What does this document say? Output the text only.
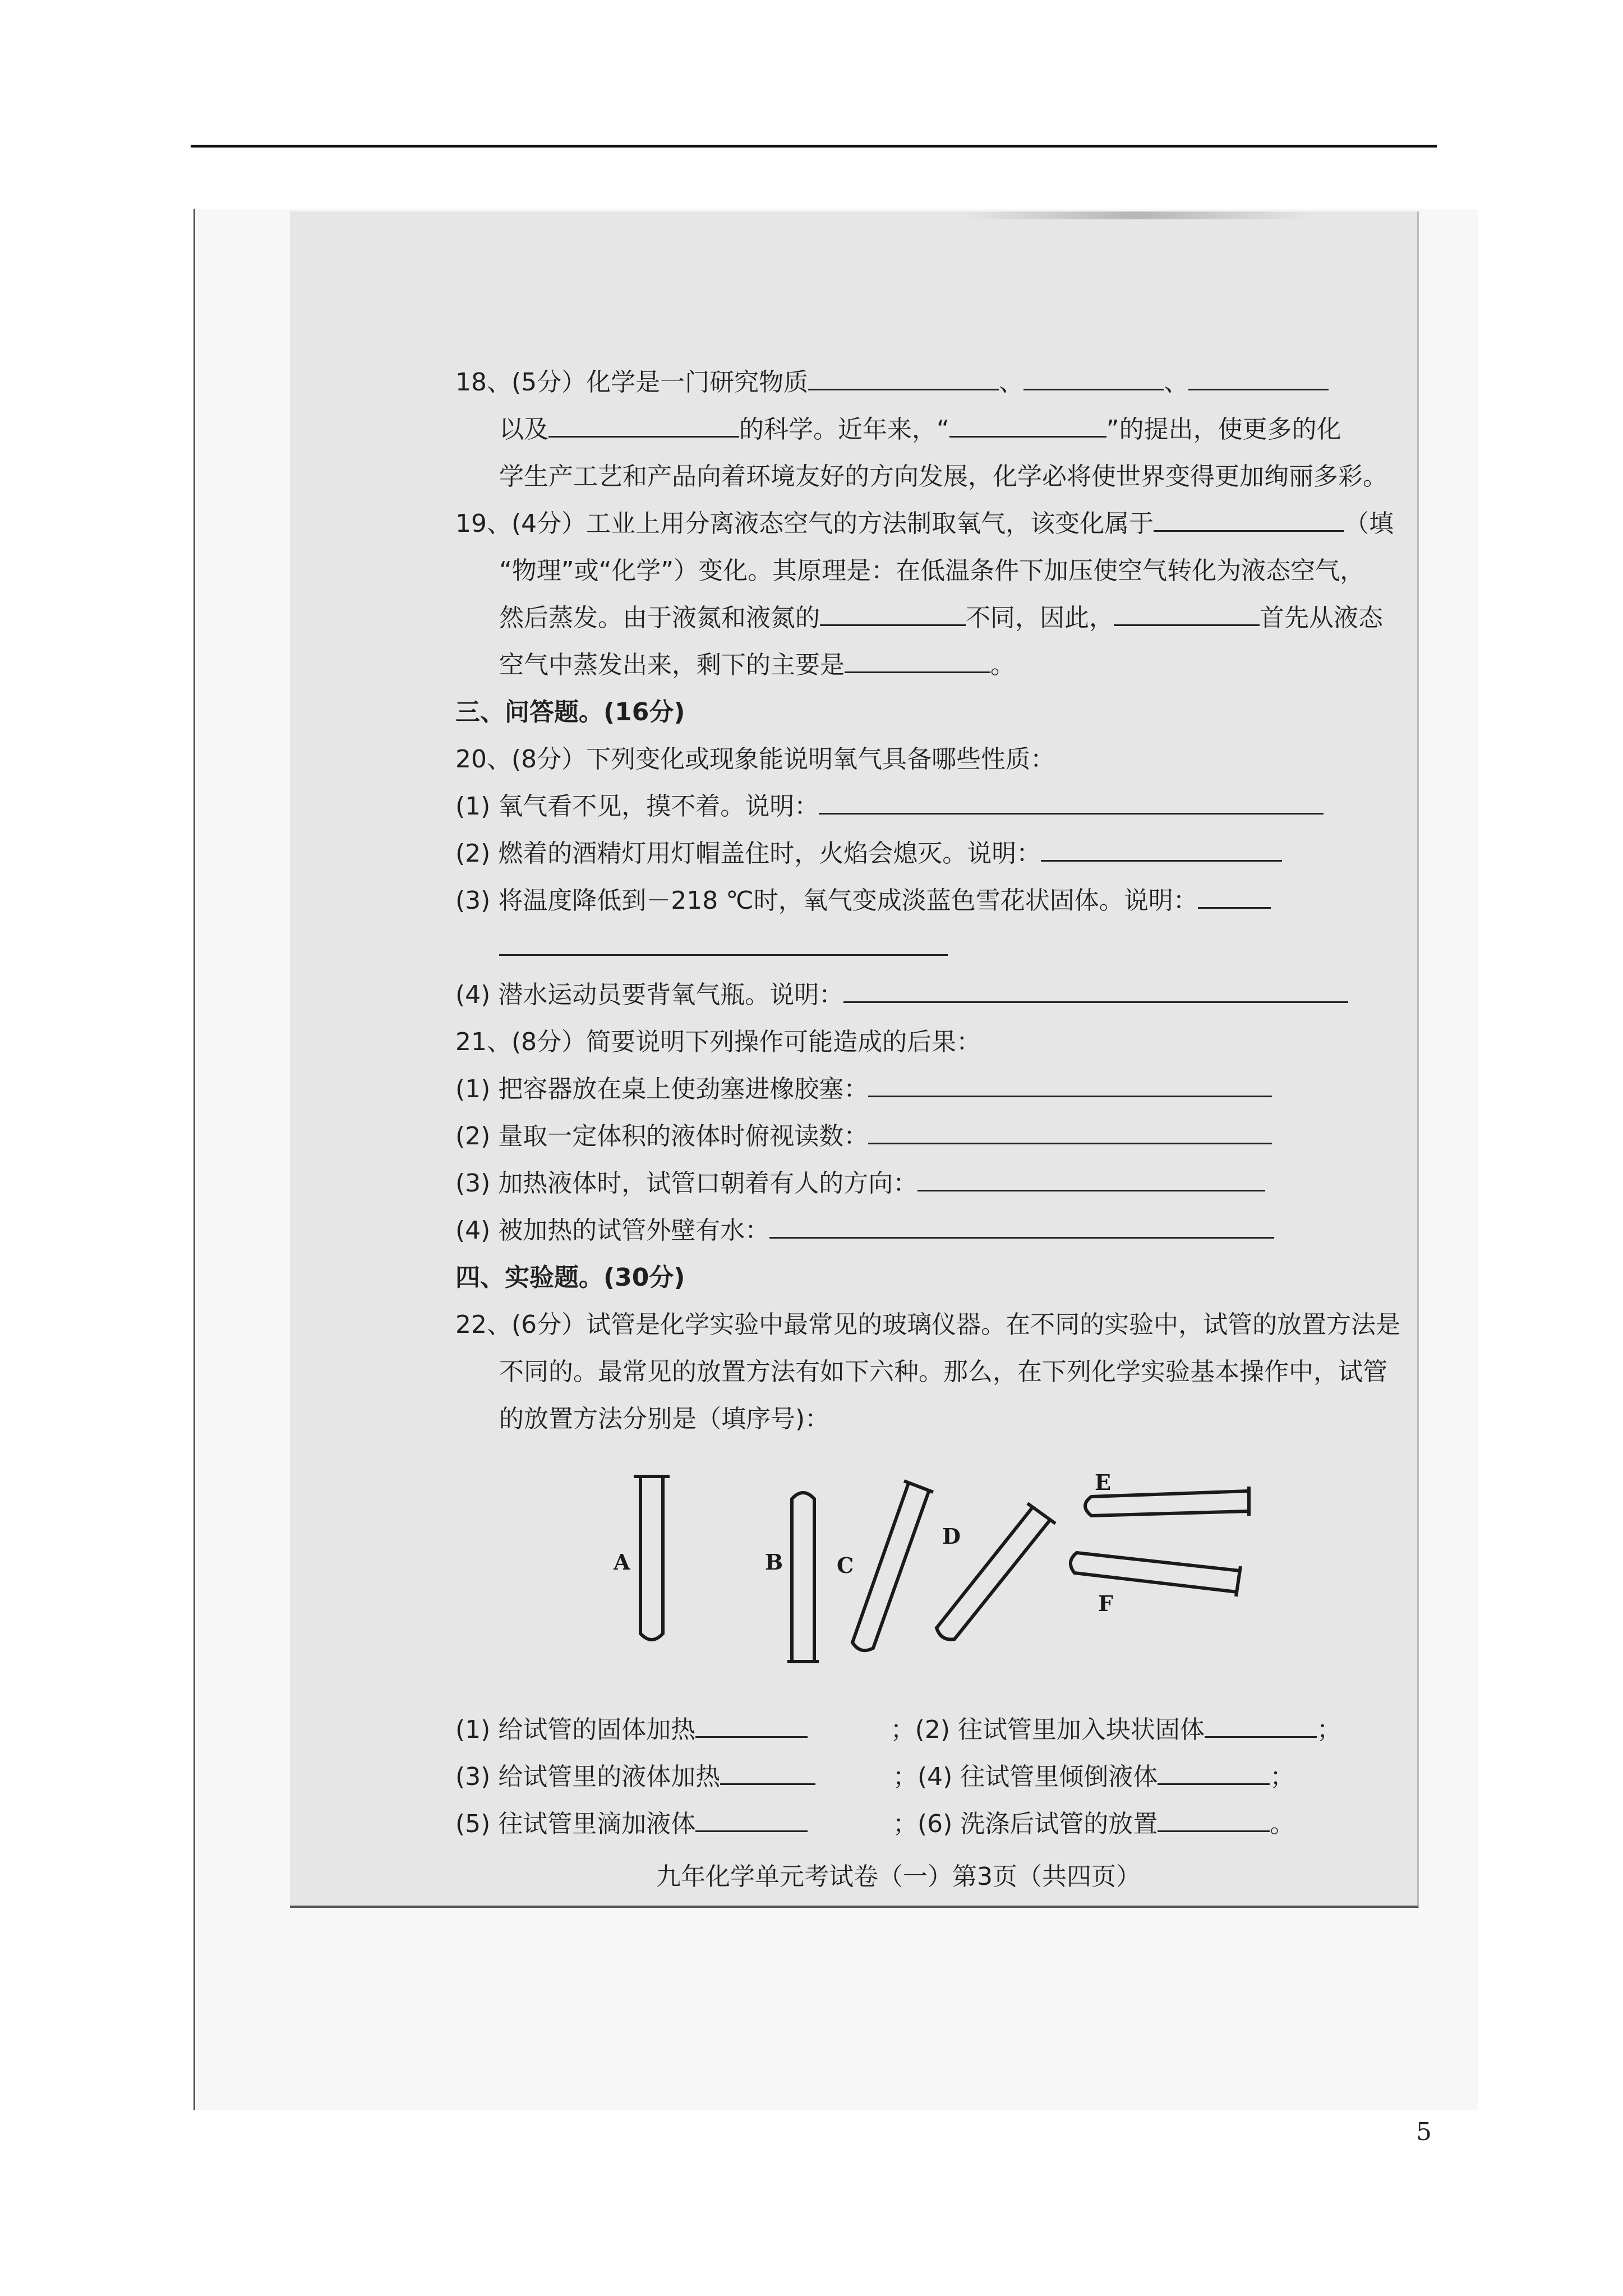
18、(5分）化学是一门研究物质	、	、
以及	的科学。近年来，“	”的提出，使更多的化
学生产工艺和产品向着环境友好的方向发展，化学必将使世界变得更加绚丽多彩。
19、(4分）工业上用分离液态空气的方法制取氧气，该变化属于	（填
“物理”或“化学”）变化。其原理是：在低温条件下加压使空气转化为液态空气，
然后蒸发。由于液氮和液氮的	不同，因此，	首先从液态
空气中蒸发出来，剩下的主要是	。
三、问答题。(16分)
20、(8分）下列变化或现象能说明氧气具备哪些性质：
(1) 氧气看不见，摸不着。说明：
(2) 燃着的酒精灯用灯帽盖住时，火焰会熄灭。说明：
(3) 将温度降低到－218 ℃时，氧气变成淡蓝色雪花状固体。说明：
(4) 潜水运动员要背氧气瓶。说明：
21、(8分）简要说明下列操作可能造成的后果：
(1) 把容器放在桌上使劲塞进橡胶塞：
(2) 量取一定体积的液体时俯视读数：
(3) 加热液体时，试管口朝着有人的方向：
(4) 被加热的试管外壁有水：
四、实验题。(30分)
22、(6分）试管是化学实验中最常见的玻璃仪器。在不同的实验中，试管的放置方法是
不同的。最常见的放置方法有如下六种。那么，在下列化学实验基本操作中，试管
的放置方法分别是（填序号)：
A	B	C
D
E
F
(1) 给试管的固体加热	；(2) 往试管里加入块状固体	；
(3) 给试管里的液体加热	；(4) 往试管里倾倒液体	；
(5) 往试管里滴加液体	；(6) 洗涤后试管的放置	。
九年化学单元考试卷（一）第3页（共四页）
5
